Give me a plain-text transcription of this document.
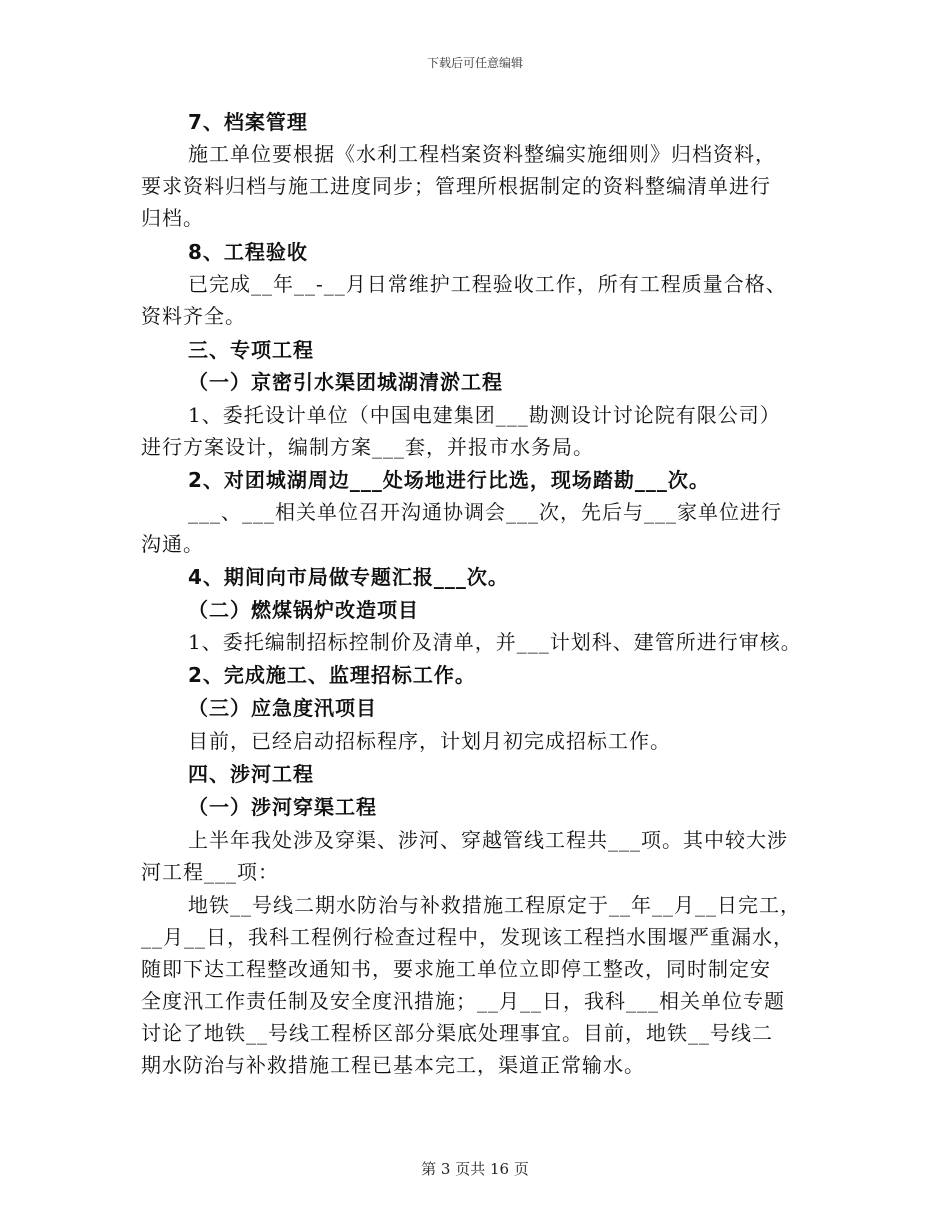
下载后可任意编辑
7、档案管理
施工单位要根据《水利工程档案资料整编实施细则》归档资料，
要求资料归档与施工进度同步；管理所根据制定的资料整编清单进行
归档。
8、工程验收
已完成__年__-__月日常维护工程验收工作，所有工程质量合格、
资料齐全。
三、专项工程
（一）京密引水渠团城湖清淤工程
1、委托设计单位（中国电建集团___勘测设计讨论院有限公司）
进行方案设计，编制方案___套，并报市水务局。
2、对团城湖周边___处场地进行比选，现场踏勘___次。
___、___相关单位召开沟通协调会___次，先后与___家单位进行
沟通。
4、期间向市局做专题汇报___次。
（二）燃煤锅炉改造项目
1、委托编制招标控制价及清单，并___计划科、建管所进行审核。
2、完成施工、监理招标工作。
（三）应急度汛项目
目前，已经启动招标程序，计划月初完成招标工作。
四、涉河工程
（一）涉河穿渠工程
上半年我处涉及穿渠、涉河、穿越管线工程共___项。其中较大涉
河工程___项：
地铁__号线二期水防治与补救措施工程原定于__年__月__日完工，
__月__日，我科工程例行检查过程中，发现该工程挡水围堰严重漏水，
随即下达工程整改通知书，要求施工单位立即停工整改，同时制定安
全度汛工作责任制及安全度汛措施；__月__日，我科___相关单位专题
讨论了地铁__号线工程桥区部分渠底处理事宜。目前，地铁__号线二
期水防治与补救措施工程已基本完工，渠道正常输水。
第 3 页共 16 页
